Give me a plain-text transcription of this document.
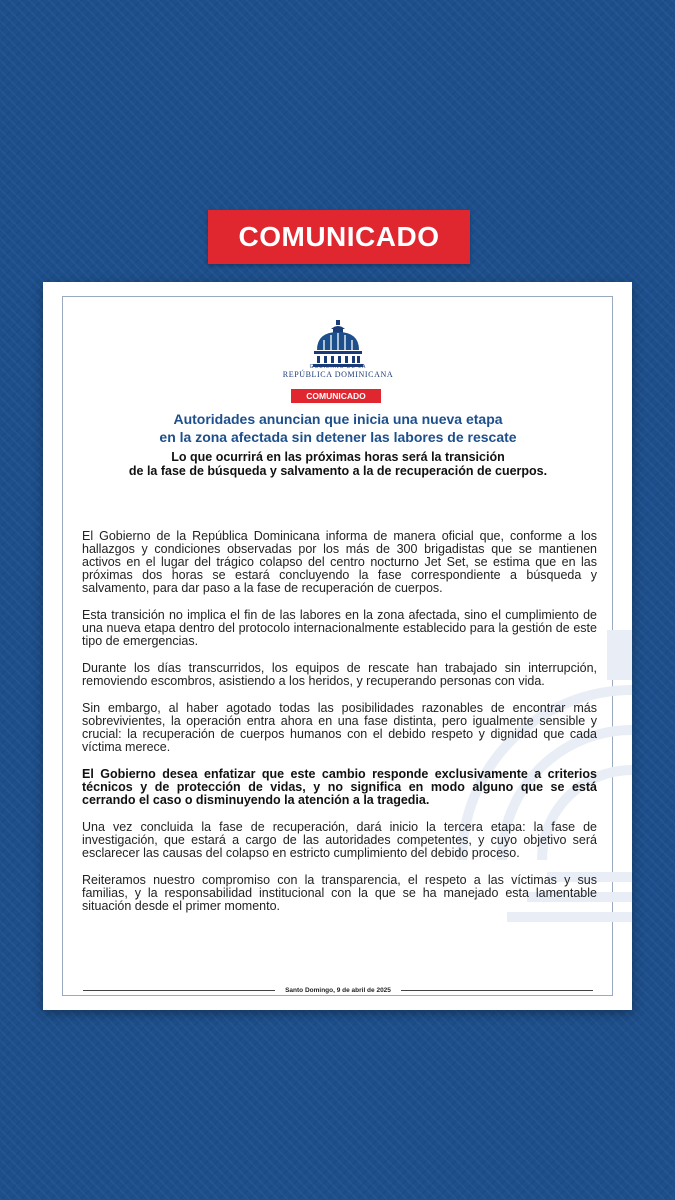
COMUNICADO
GOBIERNO DE LA
REPÚBLICA DOMINICANA
COMUNICADO
Autoridades anuncian que inicia una nueva etapa
en la zona afectada sin detener las labores de rescate
Lo que ocurrirá en las próximas horas será la transición
de la fase de búsqueda y salvamento a la de recuperación de cuerpos.

El Gobierno de la República Dominicana informa de manera oficial que, conforme a los hallazgos y condiciones observadas por los más de 300 brigadistas que se mantienen activos en el lugar del trágico colapso del centro nocturno Jet Set, se estima que en las próximas dos horas se estará concluyendo la fase correspondiente a búsqueda y salvamento, para dar paso a la fase de recuperación de cuerpos.

Esta transición no implica el fin de las labores en la zona afectada, sino el cumplimiento de una nueva etapa dentro del protocolo internacionalmente establecido para la gestión de este tipo de emergencias.

Durante los días transcurridos, los equipos de rescate han trabajado sin interrupción, removiendo escombros, asistiendo a los heridos, y recuperando personas con vida.

Sin embargo, al haber agotado todas las posibilidades razonables de encontrar más sobrevivientes, la operación entra ahora en una fase distinta, pero igualmente sensible y crucial: la recuperación de cuerpos humanos con el debido respeto y dignidad que cada víctima merece.

El Gobierno desea enfatizar que este cambio responde exclusivamente a criterios técnicos y de protección de vidas, y no significa en modo alguno que se está cerrando el caso o disminuyendo la atención a la tragedia.

Una vez concluida la fase de recuperación, dará inicio la tercera etapa: la fase de investigación, que estará a cargo de las autoridades competentes, y cuyo objetivo será esclarecer las causas del colapso en estricto cumplimiento del debido proceso.

Reiteramos nuestro compromiso con la transparencia, el respeto a las víctimas y sus familias, y la responsabilidad institucional con la que se ha manejado esta lamentable situación desde el primer momento.

Santo Domingo, 9 de abril de 2025
